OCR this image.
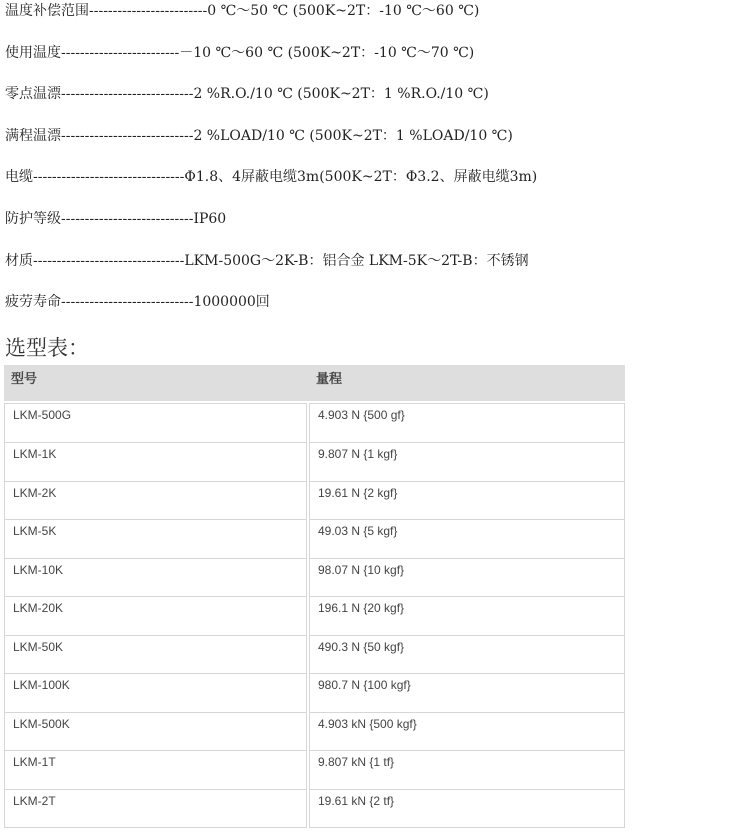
温度补偿范围-------------------------0 ℃～50 ℃ (500K~2T：-10 ℃～60 ℃)
使用温度-------------------------－10 ℃～60 ℃ (500K~2T：-10 ℃～70 ℃)
零点温漂----------------------------2 %R.O./10 ℃ (500K~2T：1 %R.O./10 ℃)
满程温漂----------------------------2 %LOAD/10 ℃ (500K~2T：1 %LOAD/10 ℃)
电缆--------------------------------Φ1.8、4屏蔽电缆3m(500K~2T：Φ3.2、屏蔽电缆3m)
防护等级----------------------------IP60
材质--------------------------------LKM-500G～2K-B：铝合金 LKM-5K～2T-B：不锈钢
疲劳寿命----------------------------1000000回
选型表：
型号	量程
LKM-500G	4.903 N {500 gf}
LKM-1K	9.807 N {1 kgf}
LKM-2K	19.61 N {2 kgf}
LKM-5K	49.03 N {5 kgf}
LKM-10K	98.07 N {10 kgf}
LKM-20K	196.1 N {20 kgf}
LKM-50K	490.3 N {50 kgf}
LKM-100K	980.7 N {100 kgf}
LKM-500K	4.903 kN {500 kgf}
LKM-1T	9.807 kN {1 tf}
LKM-2T	19.61 kN {2 tf}
